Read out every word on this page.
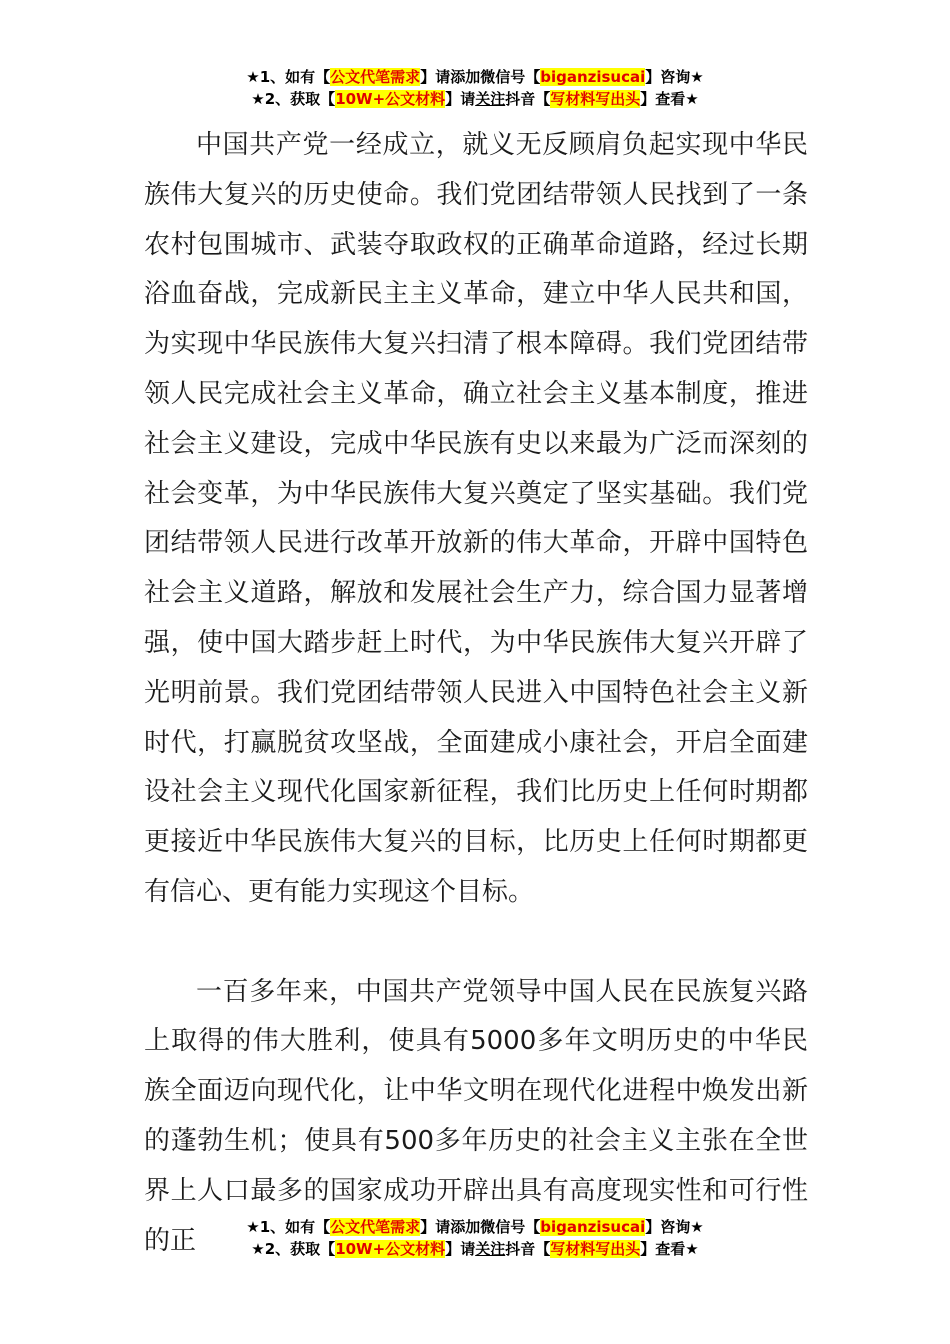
★1、如有【公文代笔需求】请添加微信号【biganzisucai】咨询★
★2、获取【10W+公文材料】请关注抖音【写材料写出头】查看★

中国共产党一经成立，就义无反顾肩负起实现中华民族伟大复兴的历史使命。我们党团结带领人民找到了一条农村包围城市、武装夺取政权的正确革命道路，经过长期浴血奋战，完成新民主主义革命，建立中华人民共和国，为实现中华民族伟大复兴扫清了根本障碍。我们党团结带领人民完成社会主义革命，确立社会主义基本制度，推进社会主义建设，完成中华民族有史以来最为广泛而深刻的社会变革，为中华民族伟大复兴奠定了坚实基础。我们党团结带领人民进行改革开放新的伟大革命，开辟中国特色社会主义道路，解放和发展社会生产力，综合国力显著增强，使中国大踏步赶上时代，为中华民族伟大复兴开辟了光明前景。我们党团结带领人民进入中国特色社会主义新时代，打赢脱贫攻坚战，全面建成小康社会，开启全面建设社会主义现代化国家新征程，我们比历史上任何时期都更接近中华民族伟大复兴的目标，比历史上任何时期都更有信心、更有能力实现这个目标。

一百多年来，中国共产党领导中国人民在民族复兴路上取得的伟大胜利，使具有5000多年文明历史的中华民族全面迈向现代化，让中华文明在现代化进程中焕发出新的蓬勃生机；使具有500多年历史的社会主义主张在全世界上人口最多的国家成功开辟出具有高度现实性和可行性的正	★1、如有【公文代笔需求】请添加微信号【biganzisucai】咨询★
★2、获取【10W+公文材料】请关注抖音【写材料写出头】查看★
